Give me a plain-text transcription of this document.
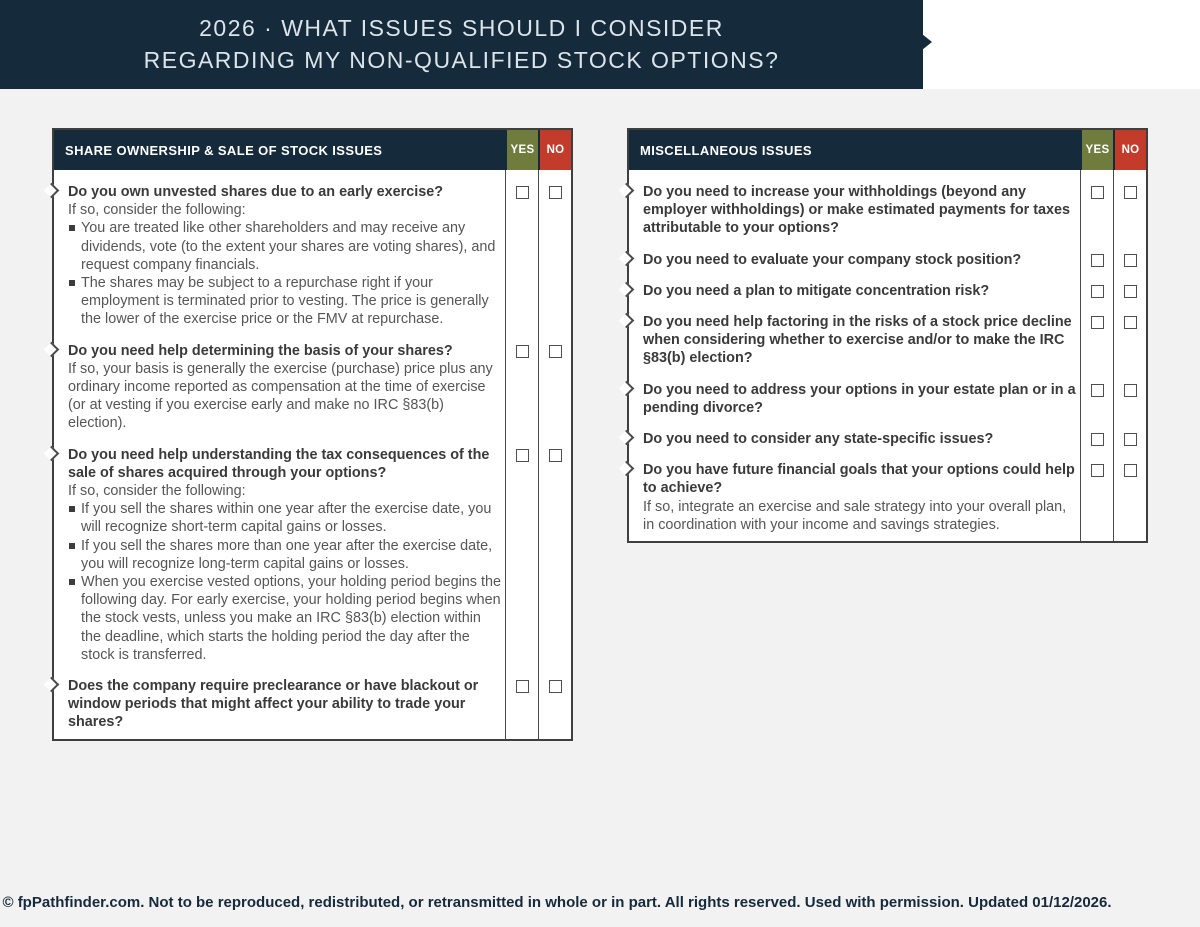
2026 · WHAT ISSUES SHOULD I CONSIDER
REGARDING MY NON-QUALIFIED STOCK OPTIONS?
SHARE OWNERSHIP & SALE OF STOCK ISSUES	YES	NO
Do you own unvested shares due to an early exercise?
If so, consider the following:
You are treated like other shareholders and may receive any dividends, vote (to the extent your shares are voting shares), and request company financials.
The shares may be subject to a repurchase right if your employment is terminated prior to vesting. The price is generally the lower of the exercise price or the FMV at repurchase.
Do you need help determining the basis of your shares?
If so, your basis is generally the exercise (purchase) price plus any ordinary income reported as compensation at the time of exercise (or at vesting if you exercise early and make no IRC §83(b) election).
Do you need help understanding the tax consequences of the sale of shares acquired through your options?
If so, consider the following:
If you sell the shares within one year after the exercise date, you will recognize short-term capital gains or losses.
If you sell the shares more than one year after the exercise date, you will recognize long-term capital gains or losses.
When you exercise vested options, your holding period begins the following day. For early exercise, your holding period begins when the stock vests, unless you make an IRC §83(b) election within the deadline, which starts the holding period the day after the stock is transferred.
Does the company require preclearance or have blackout or window periods that might affect your ability to trade your shares?
MISCELLANEOUS ISSUES	YES	NO
Do you need to increase your withholdings (beyond any employer withholdings) or make estimated payments for taxes attributable to your options?
Do you need to evaluate your company stock position?
Do you need a plan to mitigate concentration risk?
Do you need help factoring in the risks of a stock price decline when considering whether to exercise and/or to make the IRC §83(b) election?
Do you need to address your options in your estate plan or in a pending divorce?
Do you need to consider any state-specific issues?
Do you have future financial goals that your options could help to achieve?
If so, integrate an exercise and sale strategy into your overall plan, in coordination with your income and savings strategies.
© fpPathfinder.com. Not to be reproduced, redistributed, or retransmitted in whole or in part. All rights reserved. Used with permission. Updated 01/12/2026.
